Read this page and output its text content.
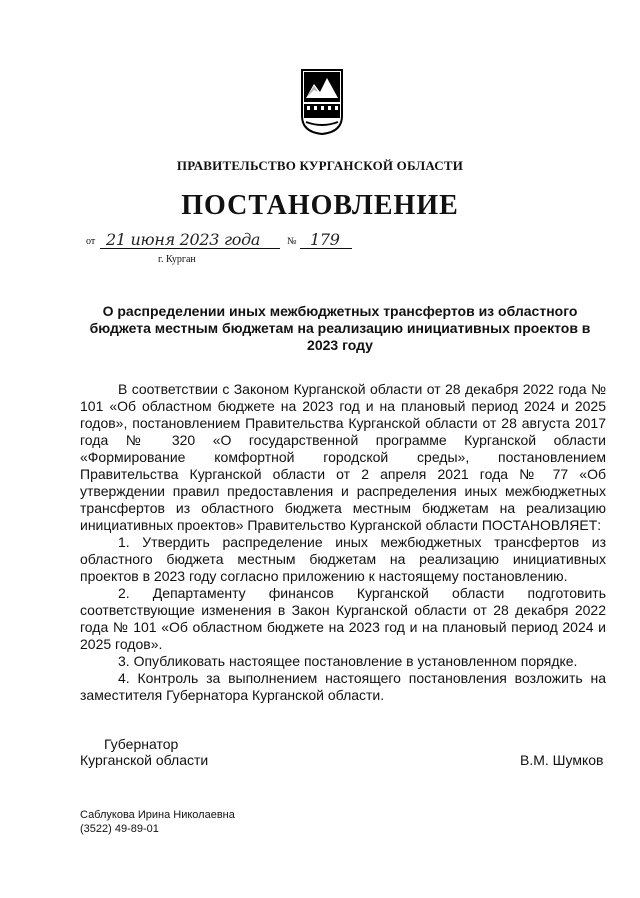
ПРАВИТЕЛЬСТВО КУРГАНСКОЙ ОБЛАСТИ
ПОСТАНОВЛЕНИЕ
от 21 июня 2023 года	№ 179
г. Курган
О распределении иных межбюджетных трансфертов из областного бюджета местным бюджетам на реализацию инициативных проектов в 2023 году

В соответствии с Законом Курганской области от 28 декабря 2022 года № 101 «Об областном бюджете на 2023 год и на плановый период 2024 и 2025 годов», постановлением Правительства Курганской области от 28 августа 2017 года № 320 «О государственной программе Курганской области «Формирование комфортной городской среды», постановлением Правительства Курганской области от 2 апреля 2021 года № 77 «Об утверждении правил предоставления и распределения иных межбюджетных трансфертов из областного бюджета местным бюджетам на реализацию инициативных проектов» Правительство Курганской области ПОСТАНОВЛЯЕТ:

1. Утвердить распределение иных межбюджетных трансфертов из областного бюджета местным бюджетам на реализацию инициативных проектов в 2023 году согласно приложению к настоящему постановлению.

2. Департаменту финансов Курганской области подготовить соответствующие изменения в Закон Курганской области от 28 декабря 2022 года № 101 «Об областном бюджете на 2023 год и на плановый период 2024 и 2025 годов».

3. Опубликовать настоящее постановление в установленном порядке.

4. Контроль за выполнением настоящего постановления возложить на заместителя Губернатора Курганской области.

Губернатор
Курганской области	В.М. Шумков
Саблукова Ирина Николаевна
(3522) 49-89-01
